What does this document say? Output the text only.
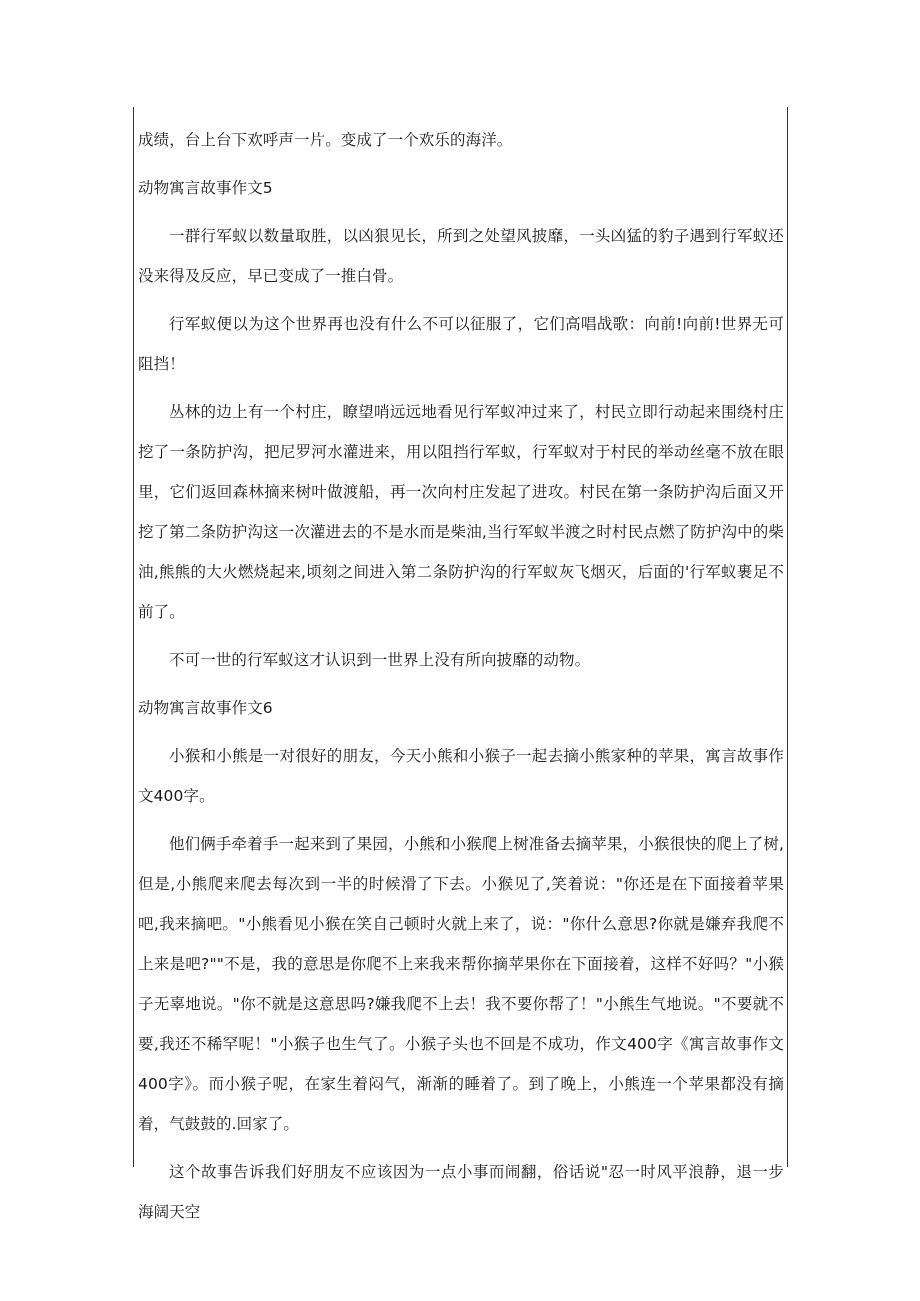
成绩，台上台下欢呼声一片。变成了一个欢乐的海洋。

动物寓言故事作文5

一群行军蚁以数量取胜，以凶狠见长，所到之处望风披靡，一头凶猛的豹子遇到行军蚁还没来得及反应，早已变成了一推白骨。

行军蚁便以为这个世界再也没有什么不可以征服了，它们高唱战歌：向前!向前!世界无可阻挡！

丛林的边上有一个村庄，瞭望哨远远地看见行军蚁冲过来了，村民立即行动起来围绕村庄挖了一条防护沟，把尼罗河水灌进来，用以阻挡行军蚁，行军蚁对于村民的举动丝毫不放在眼里，它们返回森林摘来树叶做渡船，再一次向村庄发起了进攻。村民在第一条防护沟后面又开挖了第二条防护沟这一次灌进去的不是水而是柴油,当行军蚁半渡之时村民点燃了防护沟中的柴油,熊熊的大火燃烧起来,顷刻之间进入第二条防护沟的行军蚁灰飞烟灭，后面的'行军蚁裹足不前了。

不可一世的行军蚁这才认识到一世界上没有所向披靡的动物。

动物寓言故事作文6

小猴和小熊是一对很好的朋友，今天小熊和小猴子一起去摘小熊家种的苹果，寓言故事作文400字。

他们俩手牵着手一起来到了果园，小熊和小猴爬上树准备去摘苹果，小猴很快的爬上了树,但是,小熊爬来爬去每次到一半的时候滑了下去。小猴见了,笑着说："你还是在下面接着苹果吧,我来摘吧。"小熊看见小猴在笑自己顿时火就上来了，说："你什么意思?你就是嫌弃我爬不上来是吧?""不是，我的意思是你爬不上来我来帮你摘苹果你在下面接着，这样不好吗？"小猴子无辜地说。"你不就是这意思吗?嫌我爬不上去！我不要你帮了！"小熊生气地说。"不要就不要,我还不稀罕呢！"小猴子也生气了。小猴子头也不回是不成功，作文400字《寓言故事作文400字》。而小猴子呢，在家生着闷气，渐渐的睡着了。到了晚上，小熊连一个苹果都没有摘着，气鼓鼓的.回家了。

这个故事告诉我们好朋友不应该因为一点小事而闹翻，俗话说"忍一时风平浪静，退一步海阔天空
